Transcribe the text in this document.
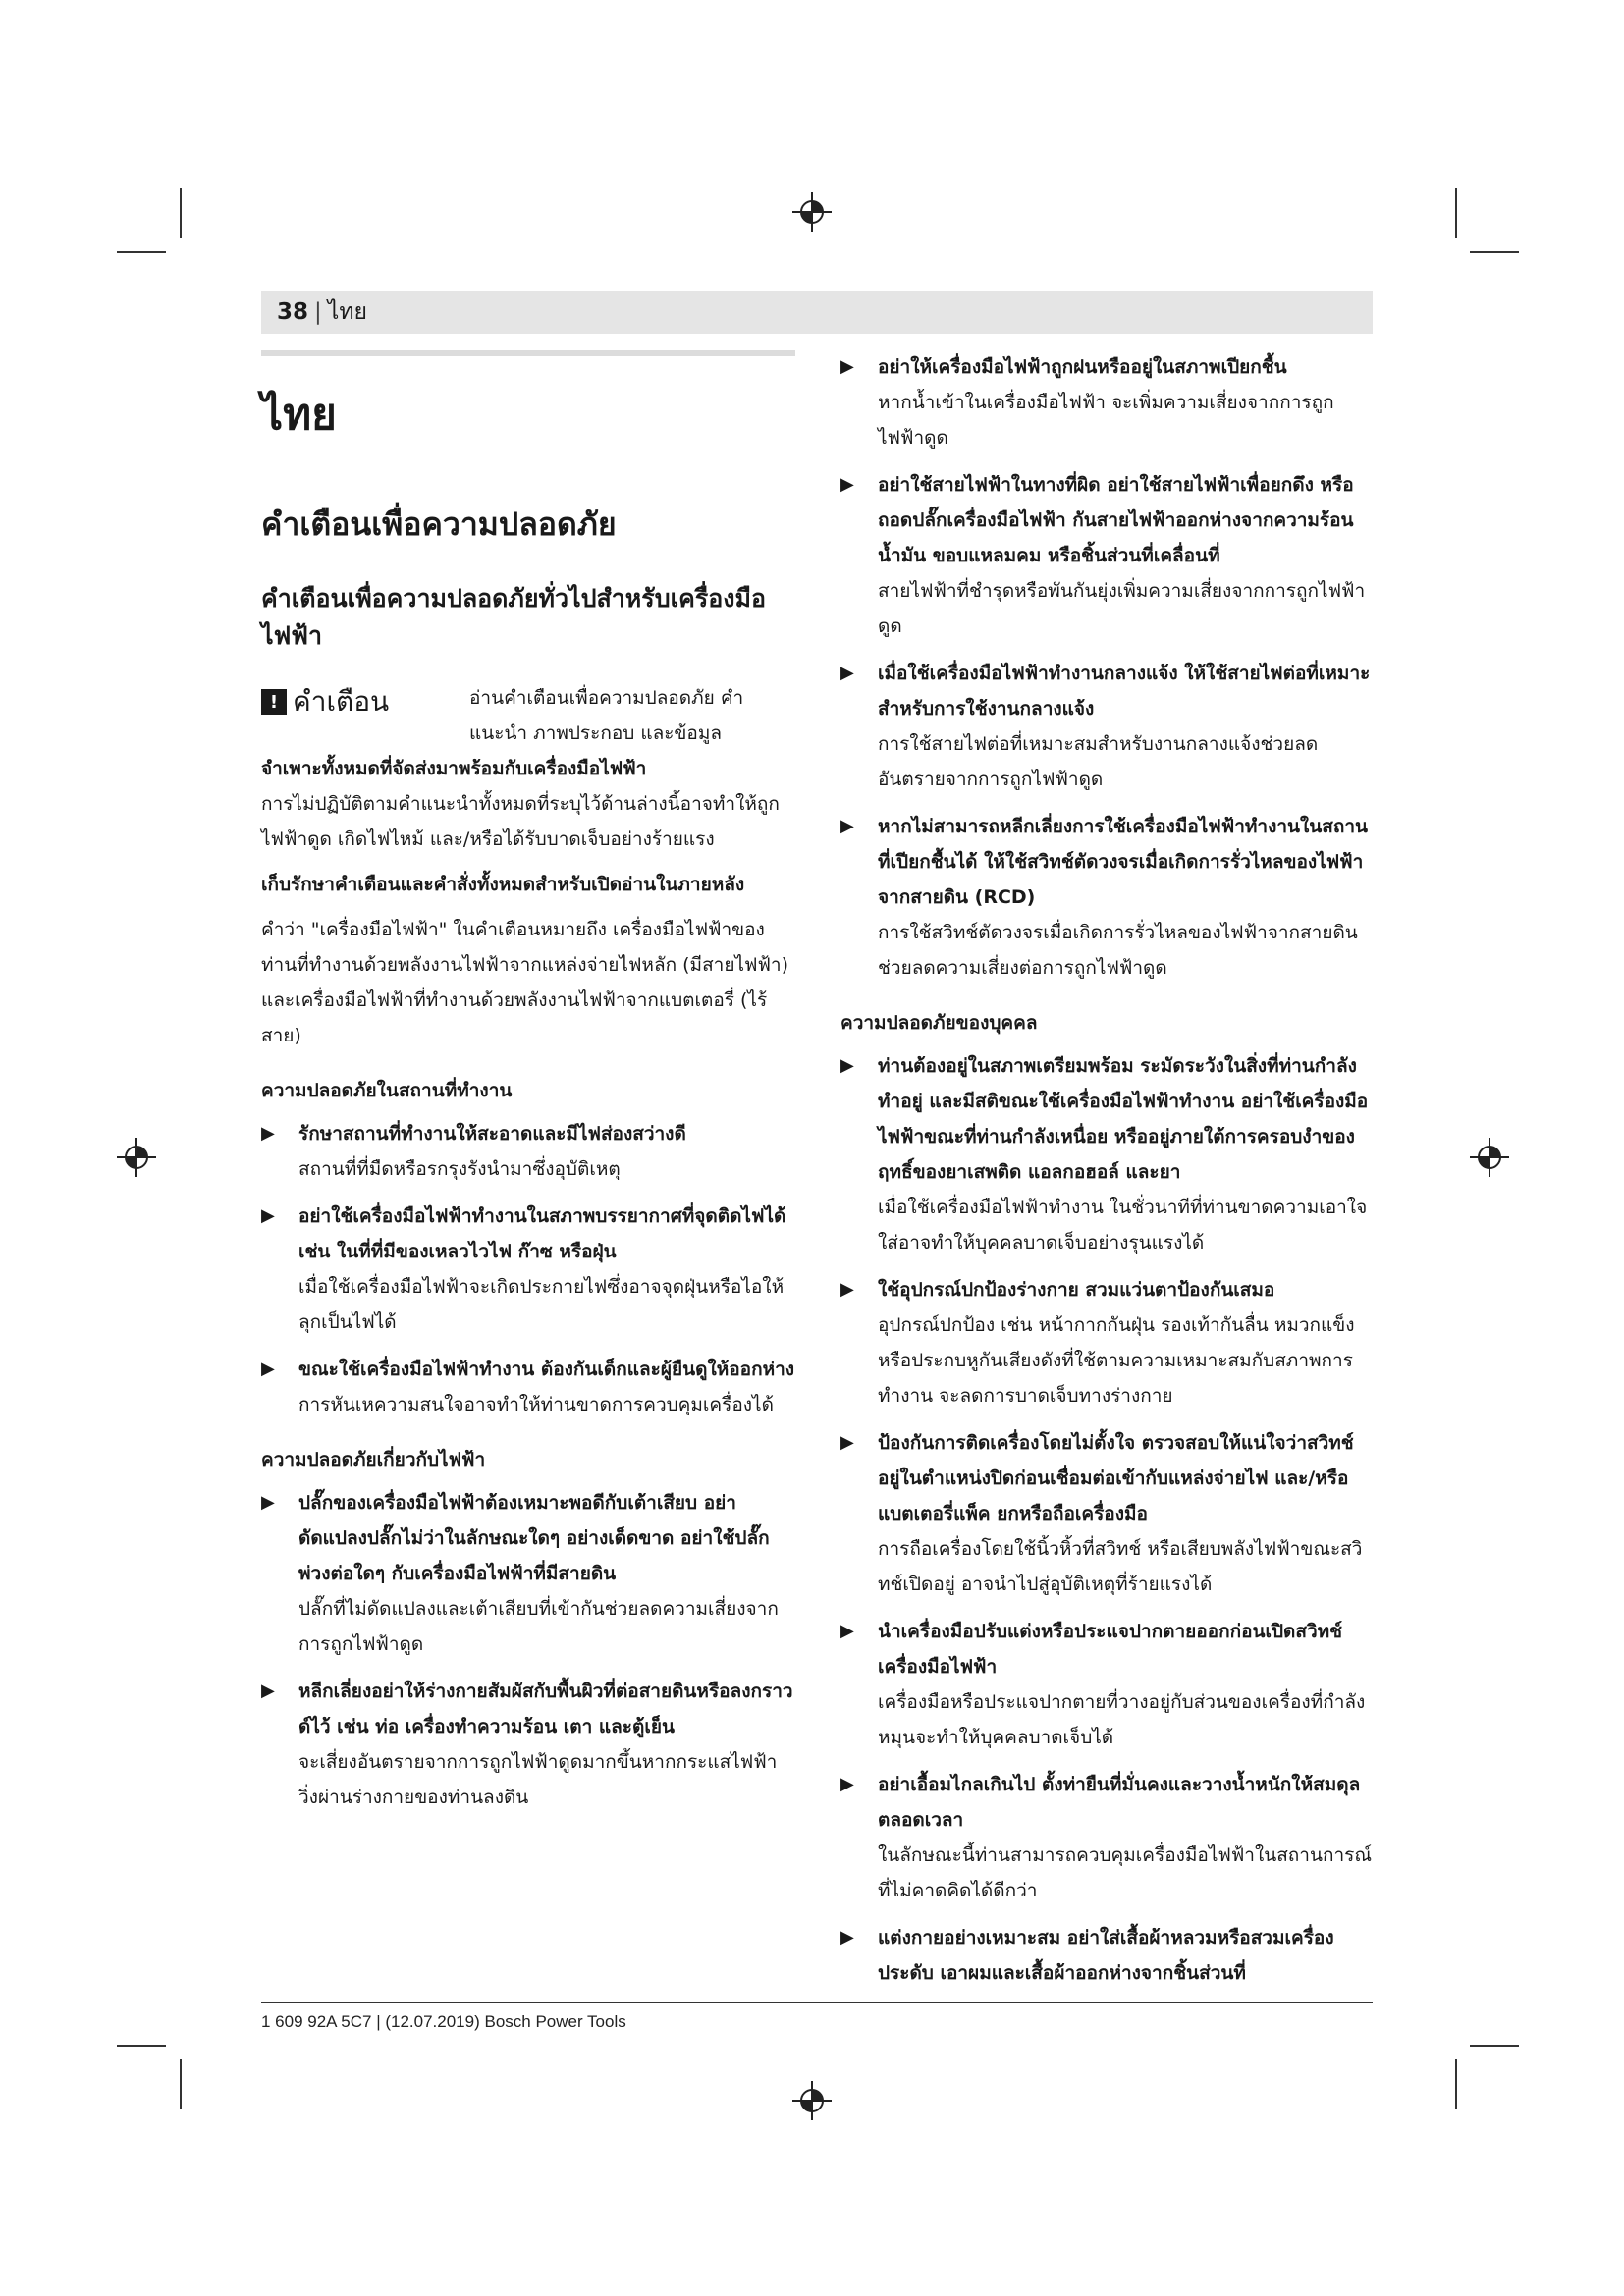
38 | ไทย
ไทย
คำเตือนเพื่อความปลอดภัย
คำเตือนเพื่อความปลอดภัยทั่วไปสำหรับเครื่องมือไฟฟ้า
! คำเตือน	อ่านคำเตือนเพื่อความปลอดภัย คำแนะนำ ภาพประกอบ และข้อมูล

จำเพาะทั้งหมดที่จัดส่งมาพร้อมกับเครื่องมือไฟฟ้า

การไม่ปฏิบัติตามคำแนะนำทั้งหมดที่ระบุไว้ด้านล่างนี้อาจทำให้ถูกไฟฟ้าดูด เกิดไฟไหม้ และ/หรือได้รับบาดเจ็บอย่างร้ายแรง

เก็บรักษาคำเตือนและคำสั่งทั้งหมดสำหรับเปิดอ่านในภายหลัง

คำว่า "เครื่องมือไฟฟ้า" ในคำเตือนหมายถึง เครื่องมือไฟฟ้าของท่านที่ทำงานด้วยพลังงานไฟฟ้าจากแหล่งจ่ายไฟหลัก (มีสายไฟฟ้า) และเครื่องมือไฟฟ้าที่ทำงานด้วยพลังงานไฟฟ้าจากแบตเตอรี่ (ไร้สาย)

ความปลอดภัยในสถานที่ทำงาน
▶	รักษาสถานที่ทำงานให้สะอาดและมีไฟส่องสว่างดี
สถานที่ที่มืดหรือรกรุงรังนำมาซึ่งอุบัติเหตุ
▶	อย่าใช้เครื่องมือไฟฟ้าทำงานในสภาพบรรยากาศที่จุดติดไฟได้ เช่น ในที่ที่มีของเหลวไวไฟ ก๊าซ หรือฝุ่น
เมื่อใช้เครื่องมือไฟฟ้าจะเกิดประกายไฟซึ่งอาจจุดฝุ่นหรือไอให้ลุกเป็นไฟได้
▶	ขณะใช้เครื่องมือไฟฟ้าทำงาน ต้องกันเด็กและผู้ยืนดูให้ออกห่าง
การหันเหความสนใจอาจทำให้ท่านขาดการควบคุมเครื่องได้
ความปลอดภัยเกี่ยวกับไฟฟ้า
▶	ปลั๊กของเครื่องมือไฟฟ้าต้องเหมาะพอดีกับเต้าเสียบ อย่าดัดแปลงปลั๊กไม่ว่าในลักษณะใดๆ อย่างเด็ดขาด อย่าใช้ปลั๊กพ่วงต่อใดๆ กับเครื่องมือไฟฟ้าที่มีสายดิน
ปลั๊กที่ไม่ดัดแปลงและเต้าเสียบที่เข้ากันช่วยลดความเสี่ยงจากการถูกไฟฟ้าดูด
▶	หลีกเลี่ยงอย่าให้ร่างกายสัมผัสกับพื้นผิวที่ต่อสายดินหรือลงกราวด์ไว้ เช่น ท่อ เครื่องทำความร้อน เตา และตู้เย็น
จะเสี่ยงอันตรายจากการถูกไฟฟ้าดูดมากขึ้นหากกระแสไฟฟ้าวิ่งผ่านร่างกายของท่านลงดิน
▶	อย่าให้เครื่องมือไฟฟ้าถูกฝนหรืออยู่ในสภาพเปียกชื้น
หากน้ำเข้าในเครื่องมือไฟฟ้า จะเพิ่มความเสี่ยงจากการถูกไฟฟ้าดูด
▶	อย่าใช้สายไฟฟ้าในทางที่ผิด อย่าใช้สายไฟฟ้าเพื่อยกดึง หรือถอดปลั๊กเครื่องมือไฟฟ้า กันสายไฟฟ้าออกห่างจากความร้อน น้ำมัน ขอบแหลมคม หรือชิ้นส่วนที่เคลื่อนที่
สายไฟฟ้าที่ชำรุดหรือพันกันยุ่งเพิ่มความเสี่ยงจากการถูกไฟฟ้าดูด
▶	เมื่อใช้เครื่องมือไฟฟ้าทำงานกลางแจ้ง ให้ใช้สายไฟต่อที่เหมาะสำหรับการใช้งานกลางแจ้ง
การใช้สายไฟต่อที่เหมาะสมสำหรับงานกลางแจ้งช่วยลดอันตรายจากการถูกไฟฟ้าดูด
▶	หากไม่สามารถหลีกเลี่ยงการใช้เครื่องมือไฟฟ้าทำงานในสถานที่เปียกชื้นได้ ให้ใช้สวิทช์ตัดวงจรเมื่อเกิดการรั่วไหลของไฟฟ้าจากสายดิน (RCD)
การใช้สวิทช์ตัดวงจรเมื่อเกิดการรั่วไหลของไฟฟ้าจากสายดินช่วยลดความเสี่ยงต่อการถูกไฟฟ้าดูด
ความปลอดภัยของบุคคล
▶	ท่านต้องอยู่ในสภาพเตรียมพร้อม ระมัดระวังในสิ่งที่ท่านกำลังทำอยู่ และมีสติขณะใช้เครื่องมือไฟฟ้าทำงาน อย่าใช้เครื่องมือไฟฟ้าขณะที่ท่านกำลังเหนื่อย หรืออยู่ภายใต้การครอบงำของฤทธิ์ของยาเสพติด แอลกอฮอล์ และยา
เมื่อใช้เครื่องมือไฟฟ้าทำงาน ในชั่วนาทีที่ท่านขาดความเอาใจใส่อาจทำให้บุคคลบาดเจ็บอย่างรุนแรงได้
▶	ใช้อุปกรณ์ปกป้องร่างกาย สวมแว่นตาป้องกันเสมอ
อุปกรณ์ปกป้อง เช่น หน้ากากกันฝุ่น รองเท้ากันลื่น หมวกแข็ง หรือประกบหูกันเสียงดังที่ใช้ตามความเหมาะสมกับสภาพการทำงาน จะลดการบาดเจ็บทางร่างกาย
▶	ป้องกันการติดเครื่องโดยไม่ตั้งใจ ตรวจสอบให้แน่ใจว่าสวิทช์อยู่ในตำแหน่งปิดก่อนเชื่อมต่อเข้ากับแหล่งจ่ายไฟ และ/หรือแบตเตอรี่แพ็ค ยกหรือถือเครื่องมือ
การถือเครื่องโดยใช้นิ้วหิ้วที่สวิทช์ หรือเสียบพลังไฟฟ้าขณะสวิทช์เปิดอยู่ อาจนำไปสู่อุบัติเหตุที่ร้ายแรงได้
▶	นำเครื่องมือปรับแต่งหรือประแจปากตายออกก่อนเปิดสวิทช์เครื่องมือไฟฟ้า
เครื่องมือหรือประแจปากตายที่วางอยู่กับส่วนของเครื่องที่กำลังหมุนจะทำให้บุคคลบาดเจ็บได้
▶	อย่าเอื้อมไกลเกินไป ตั้งท่ายืนที่มั่นคงและวางน้ำหนักให้สมดุลตลอดเวลา
ในลักษณะนี้ท่านสามารถควบคุมเครื่องมือไฟฟ้าในสถานการณ์ที่ไม่คาดคิดได้ดีกว่า
▶	แต่งกายอย่างเหมาะสม อย่าใส่เสื้อผ้าหลวมหรือสวมเครื่องประดับ เอาผมและเสื้อผ้าออกห่างจากชิ้นส่วนที่
1 609 92A 5C7 | (12.07.2019) Bosch Power Tools
